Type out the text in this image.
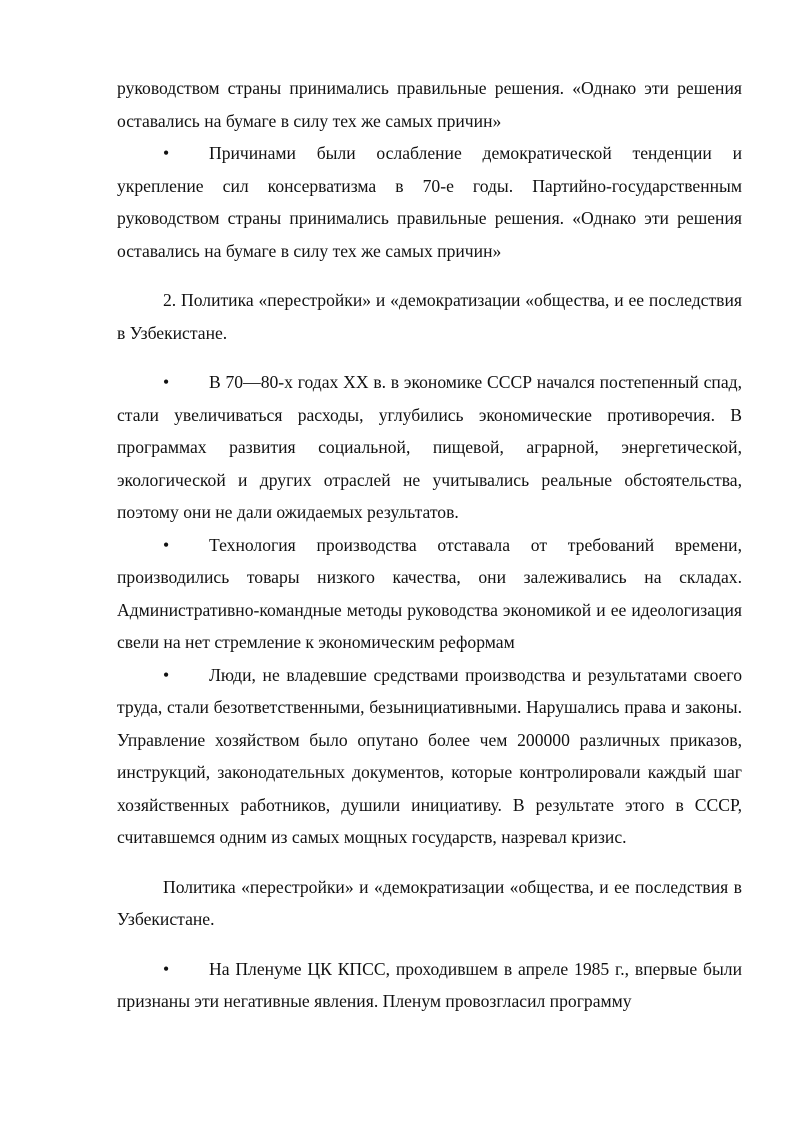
руководством страны принимались правильные решения. «Однако эти решения оставались на бумаге в силу тех же самых причин»

• Причинами были ослабление демократической тенденции и укрепление сил консерватизма в 70-е годы. Партийно-государственным руководством страны принимались правильные решения. «Однако эти решения оставались на бумаге в силу тех же самых причин»

2. Политика «перестройки» и «демократизации «общества, и ее последствия в Узбекистане.

• В 70—80-х годах XX в. в экономике СССР начался постепенный спад, стали увеличиваться расходы, углубились экономические противоречия. В программах развития социальной, пищевой, аграрной, энергетической, экологической и других отраслей не учитывались реальные обстоятельства, поэтому они не дали ожидаемых результатов.

• Технология производства отставала от требований времени, производились товары низкого качества, они залеживались на складах. Административно-командные методы руководства экономикой и ее идеологизация свели на нет стремление к экономическим реформам

• Люди, не владевшие средствами производства и результатами своего труда, стали безответственными, безынициативными. Нарушались права и законы. Управление хозяйством было опутано более чем 200000 различных приказов, инструкций, законодательных документов, которые контролировали каждый шаг хозяйственных работников, душили инициативу. В результате этого в СССР, считавшемся одним из самых мощных государств, назревал кризис.

Политика «перестройки» и «демократизации «общества, и ее последствия в Узбекистане.

• На Пленуме ЦК КПСС, проходившем в апреле 1985 г., впервые были признаны эти негативные явления. Пленум провозгласил программу
